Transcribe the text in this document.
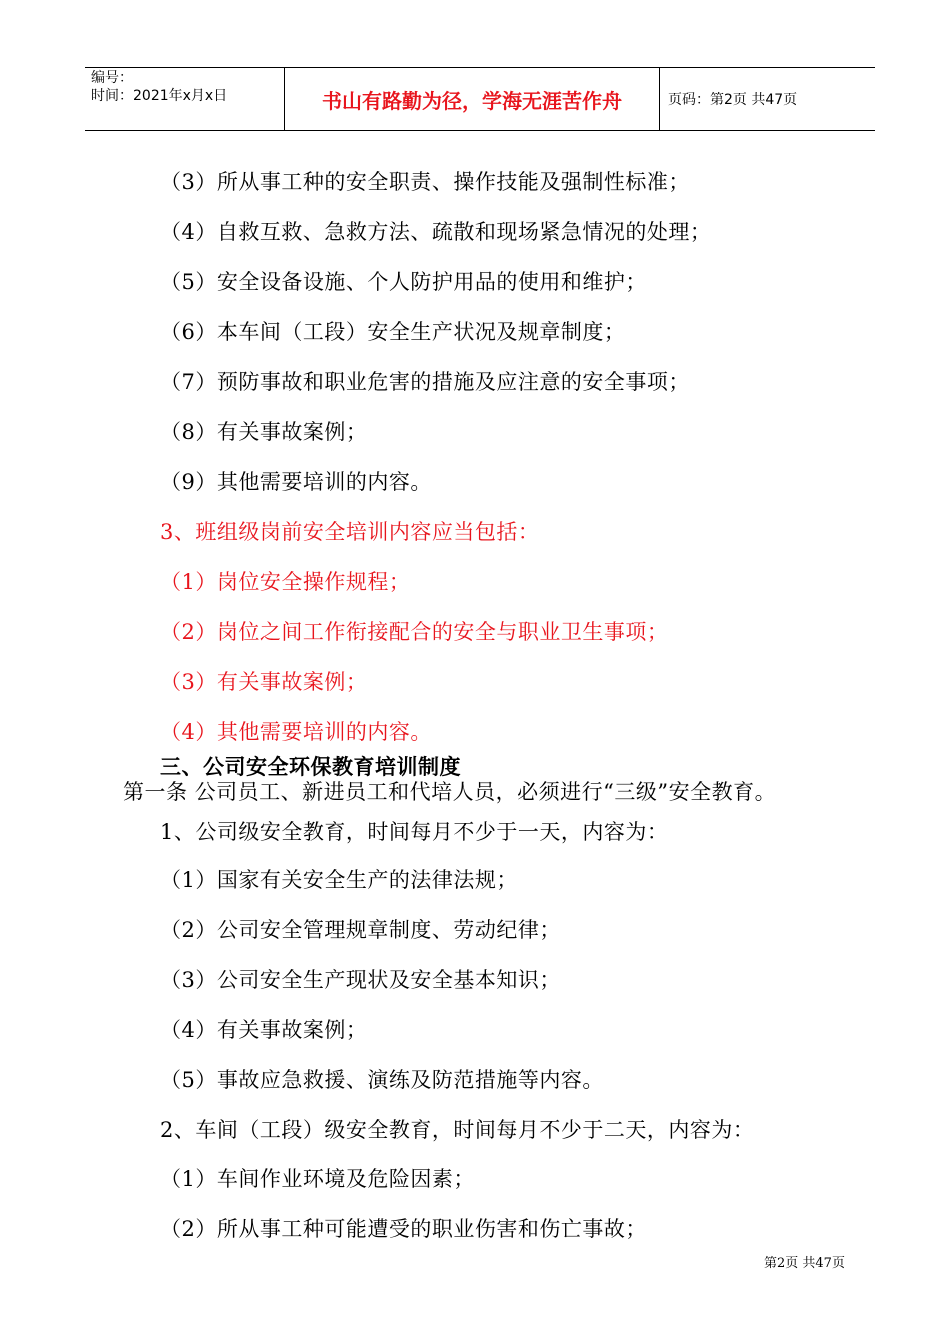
编号：
时间：2021年x月x日	书山有路勤为径，学海无涯苦作舟	页码：第2页 共47页
（3）所从事工种的安全职责、操作技能及强制性标准；
（4）自救互救、急救方法、疏散和现场紧急情况的处理；
（5）安全设备设施、个人防护用品的使用和维护；
（6）本车间（工段）安全生产状况及规章制度；
（7）预防事故和职业危害的措施及应注意的安全事项；
（8）有关事故案例；
（9）其他需要培训的内容。
3、班组级岗前安全培训内容应当包括：
（1）岗位安全操作规程；
（2）岗位之间工作衔接配合的安全与职业卫生事项；
（3）有关事故案例；
（4）其他需要培训的内容。
三、公司安全环保教育培训制度
第一条 公司员工、新进员工和代培人员，必须进行“三级”安全教育。
1、公司级安全教育，时间每月不少于一天，内容为：
（1）国家有关安全生产的法律法规；
（2）公司安全管理规章制度、劳动纪律；
（3）公司安全生产现状及安全基本知识；
（4）有关事故案例；
（5）事故应急救援、演练及防范措施等内容。
2、车间（工段）级安全教育，时间每月不少于二天，内容为：
（1）车间作业环境及危险因素；
（2）所从事工种可能遭受的职业伤害和伤亡事故；
第2页 共47页
